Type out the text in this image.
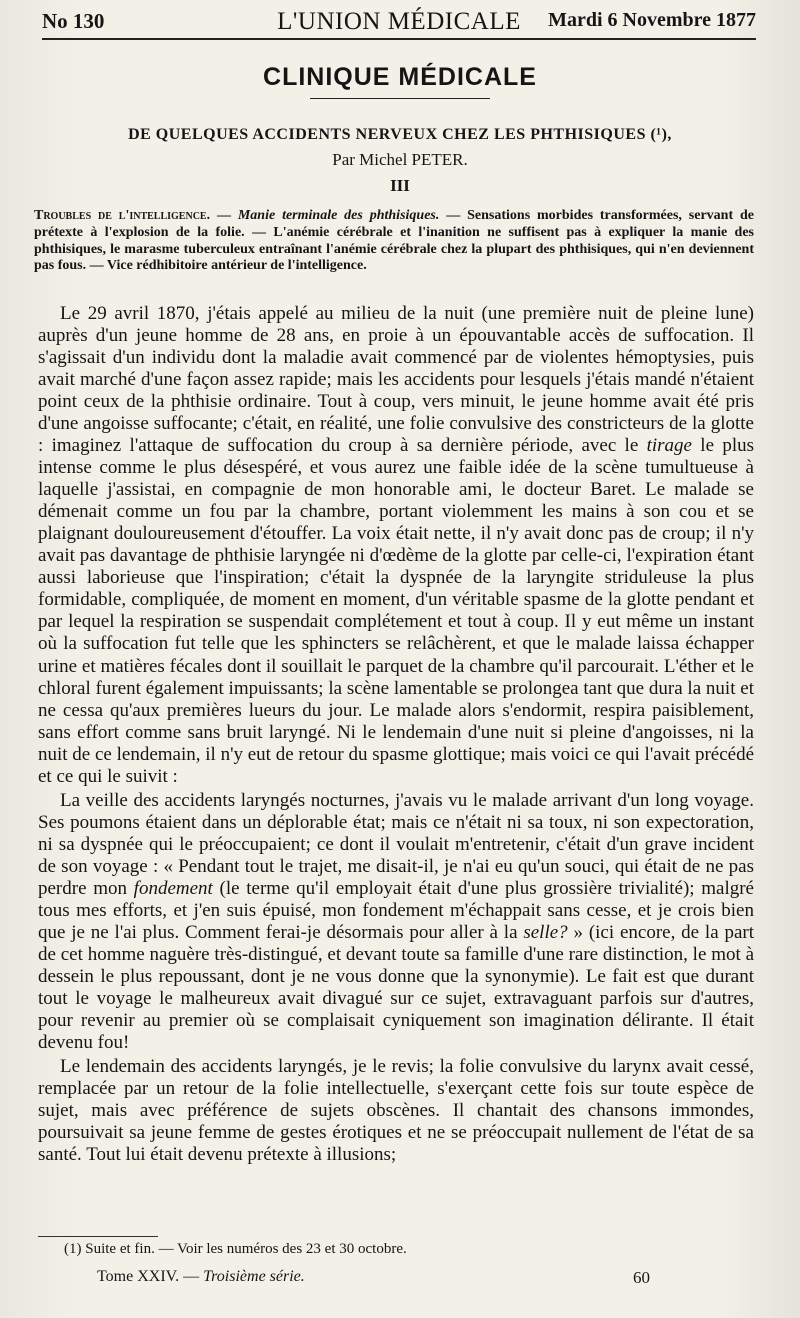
No 130	L'UNION MÉDICALE	Mardi 6 Novembre 1877
CLINIQUE MÉDICALE
DE QUELQUES ACCIDENTS NERVEUX CHEZ LES PHTHISIQUES (¹),
Par Michel PETER.
III
Troubles de l'intelligence. — Manie terminale des phthisiques. — Sensations morbides transformées, servant de prétexte à l'explosion de la folie. — L'anémie cérébrale et l'inanition ne suffisent pas à expliquer la manie des phthisiques, le marasme tuberculeux entraînant l'anémie cérébrale chez la plupart des phthisiques, qui n'en deviennent pas fous. — Vice rédhibitoire antérieur de l'intelligence.

Le 29 avril 1870, j'étais appelé au milieu de la nuit (une première nuit de pleine lune) auprès d'un jeune homme de 28 ans, en proie à un épouvantable accès de suffocation. Il s'agissait d'un individu dont la maladie avait commencé par de violentes hémoptysies, puis avait marché d'une façon assez rapide; mais les accidents pour lesquels j'étais mandé n'étaient point ceux de la phthisie ordinaire. Tout à coup, vers minuit, le jeune homme avait été pris d'une angoisse suffocante; c'était, en réalité, une folie convulsive des constricteurs de la glotte : imaginez l'attaque de suffocation du croup à sa dernière période, avec le tirage le plus intense comme le plus désespéré, et vous aurez une faible idée de la scène tumultueuse à laquelle j'assistai, en compagnie de mon honorable ami, le docteur Baret. Le malade se démenait comme un fou par la chambre, portant violemment les mains à son cou et se plaignant douloureusement d'étouffer. La voix était nette, il n'y avait donc pas de croup; il n'y avait pas davantage de phthisie laryngée ni d'œdème de la glotte par celle-ci, l'expiration étant aussi laborieuse que l'inspiration; c'était la dyspnée de la laryngite striduleuse la plus formidable, compliquée, de moment en moment, d'un véritable spasme de la glotte pendant et par lequel la respiration se suspendait complétement et tout à coup. Il y eut même un instant où la suffocation fut telle que les sphincters se relâchèrent, et que le malade laissa échapper urine et matières fécales dont il souillait le parquet de la chambre qu'il parcourait. L'éther et le chloral furent également impuissants; la scène lamentable se prolongea tant que dura la nuit et ne cessa qu'aux premières lueurs du jour. Le malade alors s'endormit, respira paisiblement, sans effort comme sans bruit laryngé. Ni le lendemain d'une nuit si pleine d'angoisses, ni la nuit de ce lendemain, il n'y eut de retour du spasme glottique; mais voici ce qui l'avait précédé et ce qui le suivit :

La veille des accidents laryngés nocturnes, j'avais vu le malade arrivant d'un long voyage. Ses poumons étaient dans un déplorable état; mais ce n'était ni sa toux, ni son expectoration, ni sa dyspnée qui le préoccupaient; ce dont il voulait m'entretenir, c'était d'un grave incident de son voyage : « Pendant tout le trajet, me disait-il, je n'ai eu qu'un souci, qui était de ne pas perdre mon fondement (le terme qu'il employait était d'une plus grossière trivialité); malgré tous mes efforts, et j'en suis épuisé, mon fondement m'échappait sans cesse, et je crois bien que je ne l'ai plus. Comment ferai-je désormais pour aller à la selle? » (ici encore, de la part de cet homme naguère très-distingué, et devant toute sa famille d'une rare distinction, le mot à dessein le plus repoussant, dont je ne vous donne que la synonymie). Le fait est que durant tout le voyage le malheureux avait divagué sur ce sujet, extravaguant parfois sur d'autres, pour revenir au premier où se complaisait cyniquement son imagination délirante. Il était devenu fou!

Le lendemain des accidents laryngés, je le revis; la folie convulsive du larynx avait cessé, remplacée par un retour de la folie intellectuelle, s'exerçant cette fois sur toute espèce de sujet, mais avec préférence de sujets obscènes. Il chantait des chansons immondes, poursuivait sa jeune femme de gestes érotiques et ne se préoccupait nullement de l'état de sa santé. Tout lui était devenu prétexte à illusions;

(1) Suite et fin. — Voir les numéros des 23 et 30 octobre.
Tome XXIV. — Troisième série.	60
